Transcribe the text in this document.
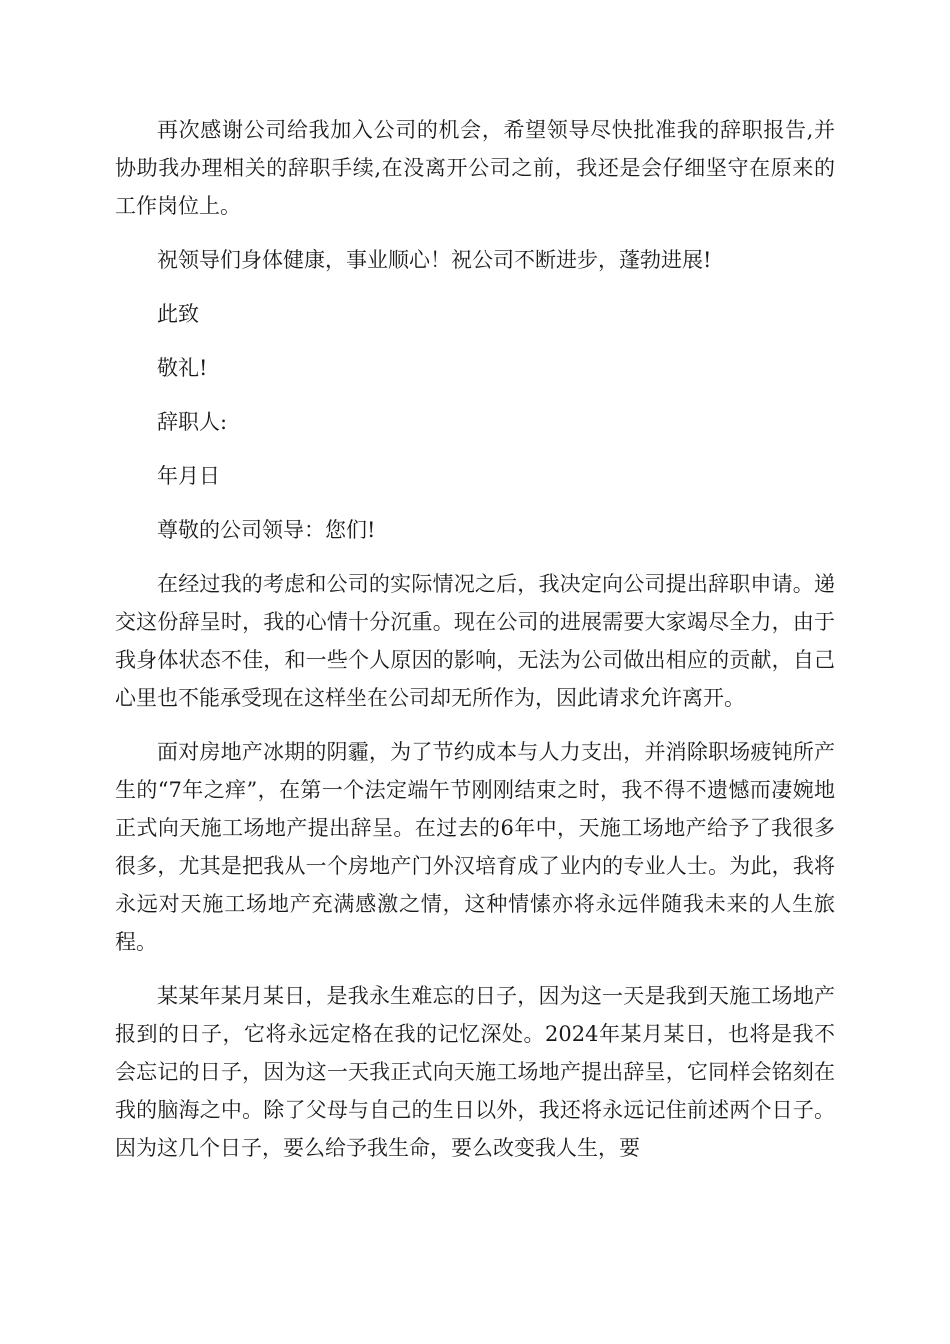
再次感谢公司给我加入公司的机会，希望领导尽快批准我的辞职报告,并协助我办理相关的辞职手续,在没离开公司之前，我还是会仔细坚守在原来的工作岗位上。

祝领导们身体健康，事业顺心！祝公司不断进步，蓬勃进展!

此致

敬礼!

辞职人:

年月日

尊敬的公司领导：您们!

在经过我的考虑和公司的实际情况之后，我决定向公司提出辞职申请。递交这份辞呈时，我的心情十分沉重。现在公司的进展需要大家竭尽全力，由于我身体状态不佳，和一些个人原因的影响，无法为公司做出相应的贡献，自己心里也不能承受现在这样坐在公司却无所作为，因此请求允许离开。

面对房地产冰期的阴霾，为了节约成本与人力支出，并消除职场疲钝所产生的“7年之痒”，在第一个法定端午节刚刚结束之时，我不得不遗憾而凄婉地正式向天施工场地产提出辞呈。在过去的6年中，天施工场地产给予了我很多很多，尤其是把我从一个房地产门外汉培育成了业内的专业人士。为此，我将永远对天施工场地产充满感激之情，这种情愫亦将永远伴随我未来的人生旅程。

某某年某月某日，是我永生难忘的日子，因为这一天是我到天施工场地产报到的日子，它将永远定格在我的记忆深处。2024年某月某日，也将是我不会忘记的日子，因为这一天我正式向天施工场地产提出辞呈，它同样会铭刻在我的脑海之中。除了父母与自己的生日以外，我还将永远记住前述两个日子。因为这几个日子，要么给予我生命，要么改变我人生，要
